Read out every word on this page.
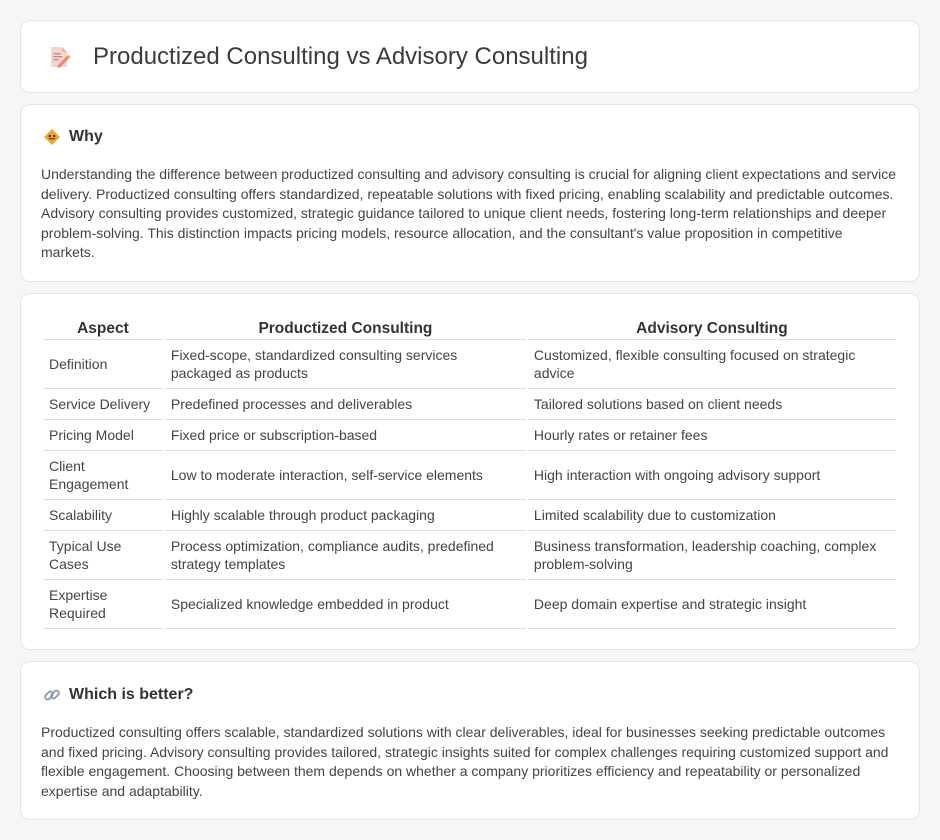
Productized Consulting vs Advisory Consulting
Why

Understanding the difference between productized consulting and advisory consulting is crucial for aligning client expectations and service delivery. Productized consulting offers standardized, repeatable solutions with fixed pricing, enabling scalability and predictable outcomes. Advisory consulting provides customized, strategic guidance tailored to unique client needs, fostering long-term relationships and deeper problem-solving. This distinction impacts pricing models, resource allocation, and the consultant's value proposition in competitive markets.

Aspect	Productized Consulting	Advisory Consulting
Definition	Fixed-scope, standardized consulting services packaged as products	Customized, flexible consulting focused on strategic advice
Service Delivery	Predefined processes and deliverables	Tailored solutions based on client needs
Pricing Model	Fixed price or subscription-based	Hourly rates or retainer fees
Client Engagement	Low to moderate interaction, self-service elements	High interaction with ongoing advisory support
Scalability	Highly scalable through product packaging	Limited scalability due to customization
Typical Use Cases	Process optimization, compliance audits, predefined strategy templates	Business transformation, leadership coaching, complex problem-solving
Expertise Required	Specialized knowledge embedded in product	Deep domain expertise and strategic insight
Which is better?

Productized consulting offers scalable, standardized solutions with clear deliverables, ideal for businesses seeking predictable outcomes and fixed pricing. Advisory consulting provides tailored, strategic insights suited for complex challenges requiring customized support and flexible engagement. Choosing between them depends on whether a company prioritizes efficiency and repeatability or personalized expertise and adaptability.
